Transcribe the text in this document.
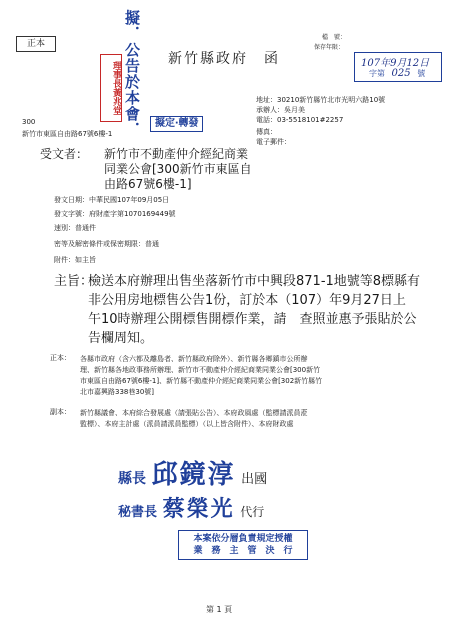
正本	擬．公告於本會．
理事長黃兆堂
新竹縣政府　函
檔　號：
保存年限：
107年9月12日
字第 025 號
300
新竹市東區自由路67號6樓-1
擬定‧轉發
地址：30210新竹縣竹北市光明六路10號
承辦人：吳月美
電話：03-5518101#2257
傳真：
電子郵件：
受文者： 新竹市不動產仲介經紀商業
同業公會[300新竹市東區自
由路67號6樓-1]
發文日期：中華民國107年09月05日
發文字號：府財產字第1070169449號
速別：普通件
密等及解密條件或保密期限：普通
附件：如主旨
主旨：
檢送本府辦理出售坐落新竹市中興段871-1地號等8標縣有
非公用房地標售公告1份，訂於本（107）年9月27日上
午10時辦理公開標售開標作業，請　查照並惠予張貼於公
告欄周知。
正本： 各縣市政府（含六都及離島者、新竹縣政府除外）、新竹縣各鄉鎮市公所辦
理、新竹縣各地政事務所辦理、新竹市不動產仲介經紀商業同業公會[300新竹
市東區自由路67號6樓-1]、新竹縣不動產仲介經紀商業同業公會[302新竹縣竹
北市嘉興路338巷30號]
副本： 新竹縣議會、本府綜合發展處（請張貼公告）、本府政風處（監標請派員蒞
監標）、本府主計處（派員請派員監標）（以上皆含附件）、本府財政處
縣長 邱鏡淳 出國
秘書長 蔡榮光 代行
本案依分層負責規定授權
業　務　主　管　決　行
第 1 頁
